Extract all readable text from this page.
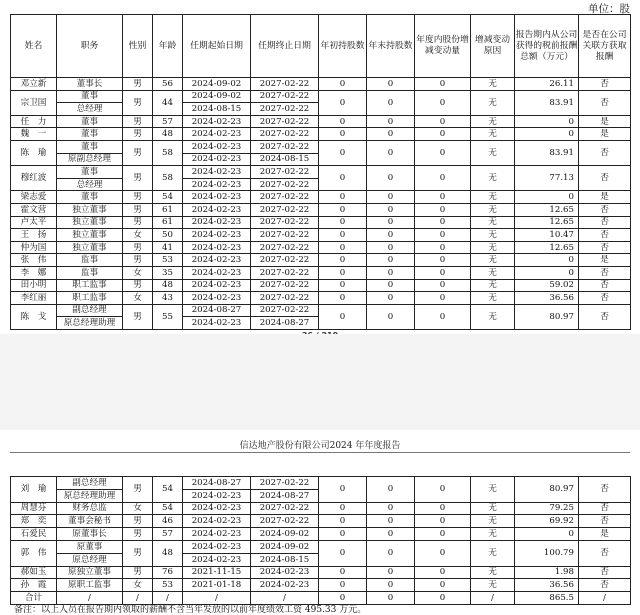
单位：股
姓名	职务	性别	年龄	任期起始日期	任期终止日期	年初持股数	年末持股数	年度内股份增减变动量	增减变动原因	报告期内从公司获得的税前报酬总额（万元）	是否在公司关联方获取报酬
邓立新	董事长	男	56	2024-09-02	2027-02-22	0	0	0	无	26.11	否
宗卫国	董事	男	44	2024-09-02	2027-02-22	0	0	0	无	83.91	否
	总经理			2024-08-15	2027-02-22						
任　力	董事	男	57	2024-02-23	2027-02-22	0	0	0	无	0	是
魏　一	董事	男	48	2024-02-23	2027-02-22	0	0	0	无	0	是
陈　瑜	董事	男	58	2024-02-23	2027-02-22	0	0	0	无	83.91	否
	原副总经理			2024-02-23	2024-08-15						
穆红波	董事	男	58	2024-02-23	2027-02-22	0	0	0	无	77.13	否
	总经理			2024-02-23	2027-02-22						
梁志爱	董事	男	54	2024-02-23	2027-02-22	0	0	0	无	0	是
霍文营	独立董事	男	61	2024-02-23	2027-02-22	0	0	0	无	12.65	否
卢太平	独立董事	男	61	2024-02-23	2027-02-22	0	0	0	无	12.65	否
王　扬	独立董事	女	50	2024-02-23	2027-02-22	0	0	0	无	10.47	否
仲为国	独立董事	男	41	2024-02-23	2027-02-22	0	0	0	无	12.65	否
张　伟	监事	男	53	2024-02-23	2027-02-22	0	0	0	无	0	是
李　娜	监事	女	35	2024-02-23	2027-02-22	0	0	0	无	0	否
田小明	职工监事	男	48	2024-02-23	2027-02-22	0	0	0	无	59.02	否
李红丽	职工监事	女	43	2024-02-23	2027-02-22	0	0	0	无	36.56	否
陈　戈	副总经理	男	55	2024-08-27	2027-02-22	0	0	0	无	80.97	否
	原总经理助理			2024-02-23	2024-08-27						
信达地产股份有限公司2024 年年度报告
刘　瑜	副总经理	男	54	2024-08-27	2027-02-22	0	0	0	无	80.97	否
	原总经理助理			2024-02-23	2024-08-27						
周慧芬	财务总监	女	54	2024-02-23	2027-02-22	0	0	0	无	79.25	否
郑　奕	董事会秘书	男	46	2024-02-23	2027-02-22	0	0	0	无	69.92	否
石爱民	原董事长	男	57	2024-02-23	2024-09-02	0	0	0	无	0	是
郭　伟	原董事	男	48	2024-02-23	2024-09-02	0	0	0	无	100.79	否
	原总经理			2024-02-23	2024-08-15						
郝如玉	原独立董事	男	76	2021-11-15	2024-02-23	0	0	0	无	1.98	否
孙　霞	原职工监事	女	53	2021-01-18	2024-02-23	0	0	0	无	36.56	否
合计	/	/	/	/	/	0	0	0	/	865.5	/
备注：以上人员在报告期内领取的薪酬不含当年发放的以前年度绩效工资 495.33 万元。
